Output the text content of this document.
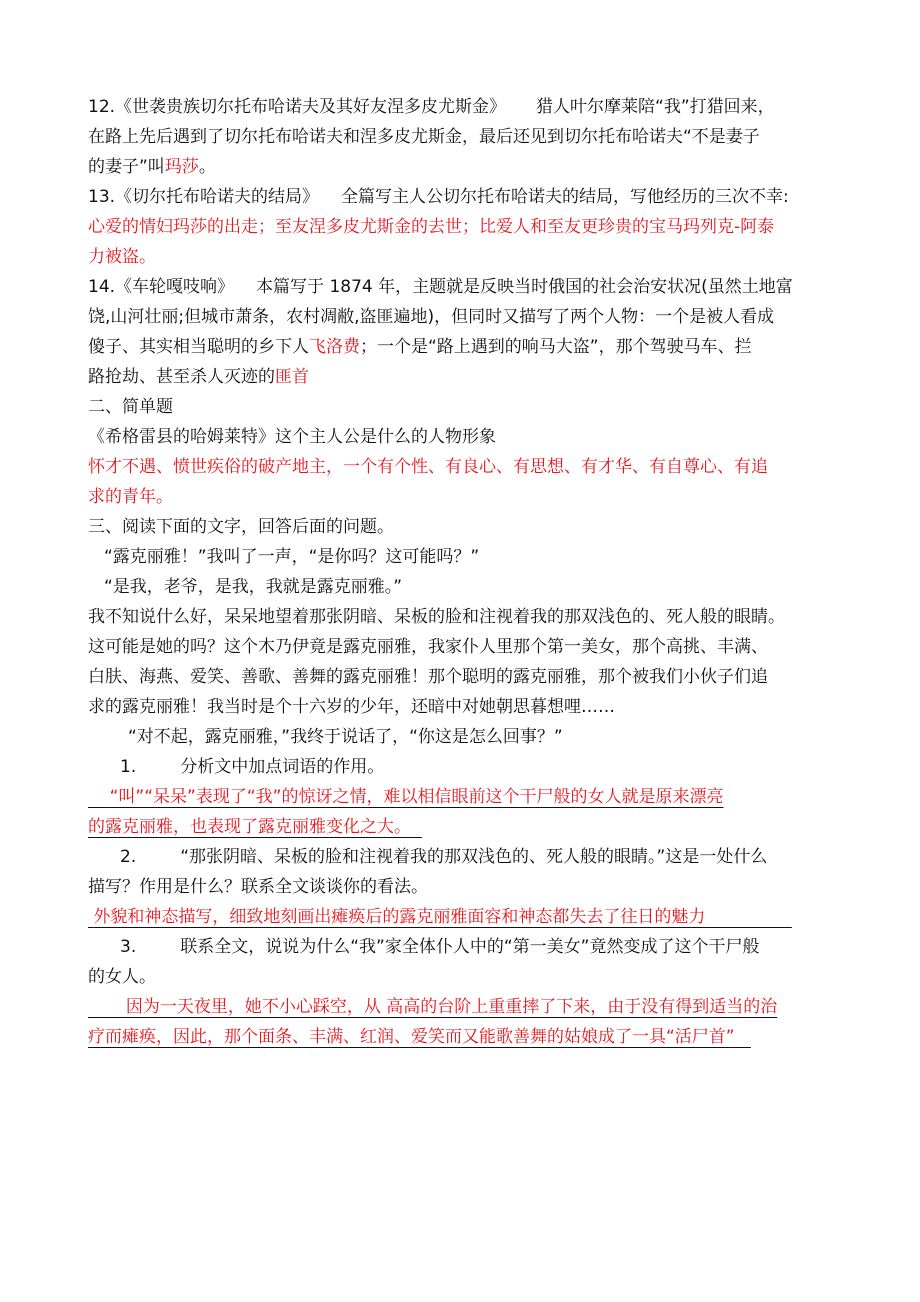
12.《世袭贵族切尔托布哈诺夫及其好友涅多皮尤斯金》 猎人叶尔摩莱陪“我”打猎回来，
在路上先后遇到了切尔托布哈诺夫和涅多皮尤斯金，最后还见到切尔托布哈诺夫“不是妻子
的妻子”叫玛莎。
13.《切尔托布哈诺夫的结局》 全篇写主人公切尔托布哈诺夫的结局，写他经历的三次不幸:
心爱的情妇玛莎的出走；至友涅多皮尤斯金的去世；比爱人和至友更珍贵的宝马玛列克-阿泰
力被盗。
14.《车轮嘎吱响》 本篇写于 1874 年，主题就是反映当时俄国的社会治安状况(虽然土地富
饶,山河壮丽;但城市萧条，农村凋敝,盗匪遍地)，但同时又描写了两个人物：一个是被人看成
傻子、其实相当聪明的乡下人飞洛费；一个是“路上遇到的响马大盗”，那个驾驶马车、拦
路抢劫、甚至杀人灭迹的匪首
二、简单题
《希格雷县的哈姆莱特》这个主人公是什么的人物形象
怀才不遇、愤世疾俗的破产地主，一个有个性、有良心、有思想、有才华、有自尊心、有追
求的青年。
三、阅读下面的文字，回答后面的问题。
“露克丽雅！”我叫了一声，“是你吗？这可能吗？”
“是我，老爷，是我，我就是露克丽雅。”
我不知说什么好，呆呆地望着那张阴暗、呆板的脸和注视着我的那双浅色的、死人般的眼睛。
这可能是她的吗？这个木乃伊竟是露克丽雅，我家仆人里那个第一美女，那个高挑、丰满、
白肤、海燕、爱笑、善歌、善舞的露克丽雅！那个聪明的露克丽雅，那个被我们小伙子们追
求的露克丽雅！我当时是个十六岁的少年，还暗中对她朝思暮想哩……
“对不起，露克丽雅，”我终于说话了，“你这是怎么回事？”
1.	分析文中加点词语的作用。
“叫”“呆呆”表现了“我”的惊讶之情，难以相信眼前这个干尸般的女人就是原来漂亮
的露克丽雅，也表现了露克丽雅变化之大。
2.	“那张阴暗、呆板的脸和注视着我的那双浅色的、死人般的眼睛。”这是一处什么
描写？作用是什么？联系全文谈谈你的看法。
外貌和神态描写，细致地刻画出瘫痪后的露克丽雅面容和神态都失去了往日的魅力
3.	联系全文，说说为什么“我”家全体仆人中的“第一美女”竟然变成了这个干尸般
的女人。
因为一天夜里，她不小心踩空，从 高高的台阶上重重摔了下来，由于没有得到适当的治
疗而瘫痪，因此，那个面条、丰满、红润、爱笑而又能歌善舞的姑娘成了一具“活尸首”
